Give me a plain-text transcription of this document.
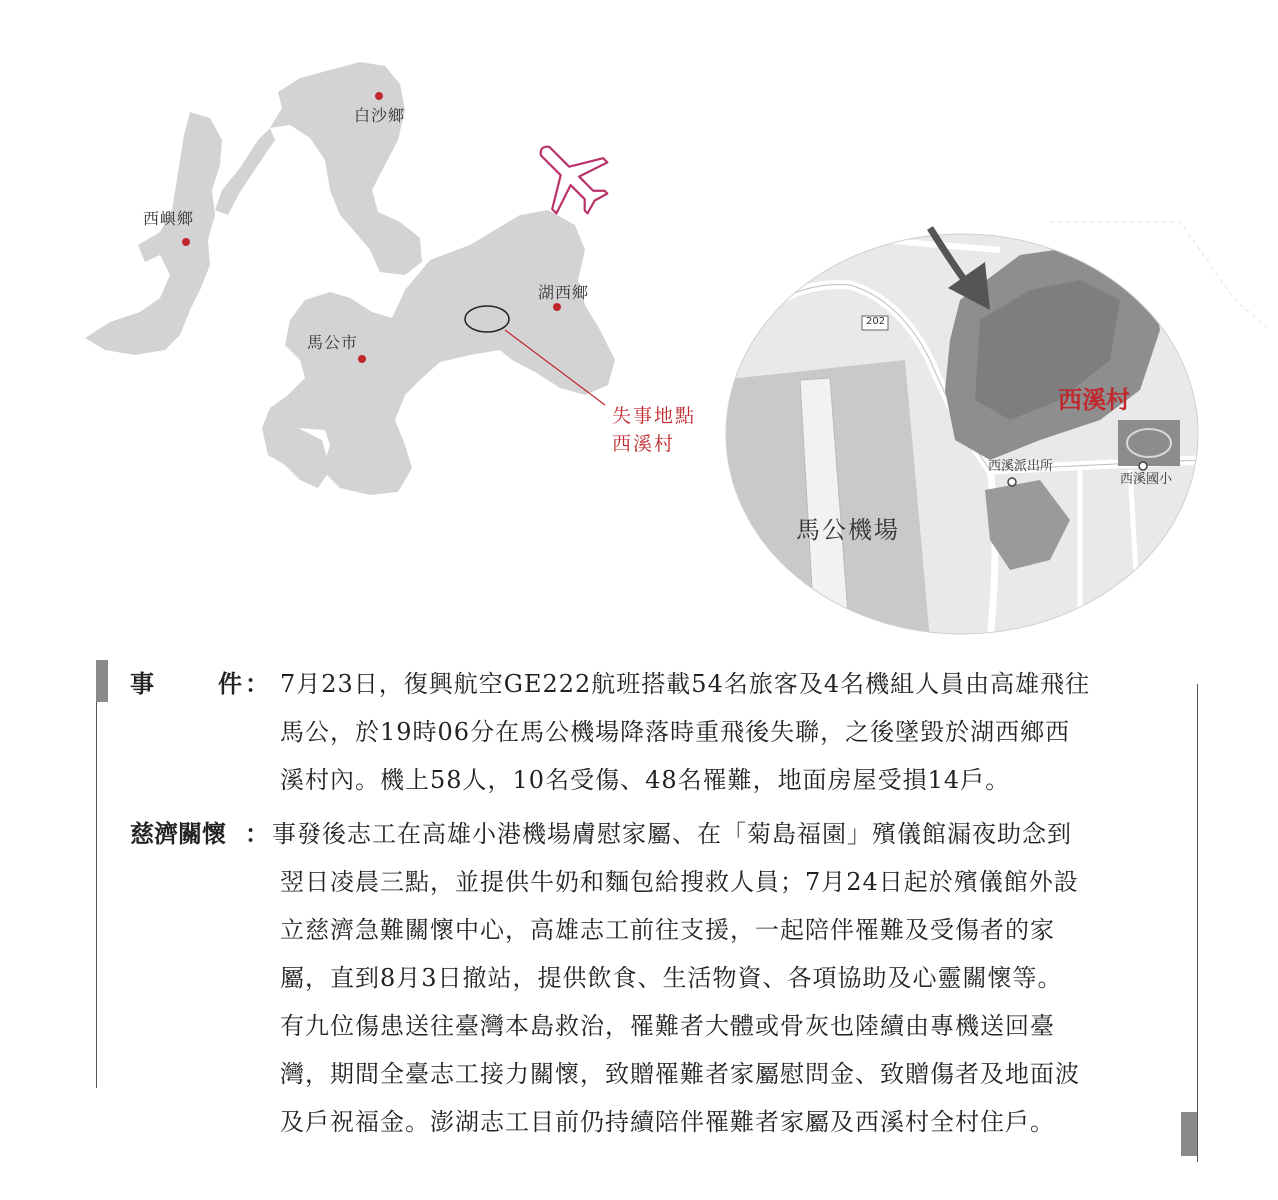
白沙鄉
西嶼鄉
湖西鄉
馬公市
失事地點
西溪村
202
西溪村
西溪派出所
西溪國小
馬公機場
事	件 ： 7月23日，復興航空GE222航班搭載54名旅客及4名機組人員由高雄飛往
馬公，於19時06分在馬公機場降落時重飛後失聯，之後墜毀於湖西鄉西
溪村內。機上58人，10名受傷、48名罹難，地面房屋受損14戶。
慈濟關懷 ： 事發後志工在高雄小港機場膚慰家屬、在「菊島福園」殯儀館漏夜助念到
翌日凌晨三點，並提供牛奶和麵包給搜救人員；7月24日起於殯儀館外設
立慈濟急難關懷中心，高雄志工前往支援，一起陪伴罹難及受傷者的家
屬，直到8月3日撤站，提供飲食、生活物資、各項協助及心靈關懷等。
有九位傷患送往臺灣本島救治，罹難者大體或骨灰也陸續由專機送回臺
灣，期間全臺志工接力關懷，致贈罹難者家屬慰問金、致贈傷者及地面波
及戶祝福金。澎湖志工目前仍持續陪伴罹難者家屬及西溪村全村住戶。
